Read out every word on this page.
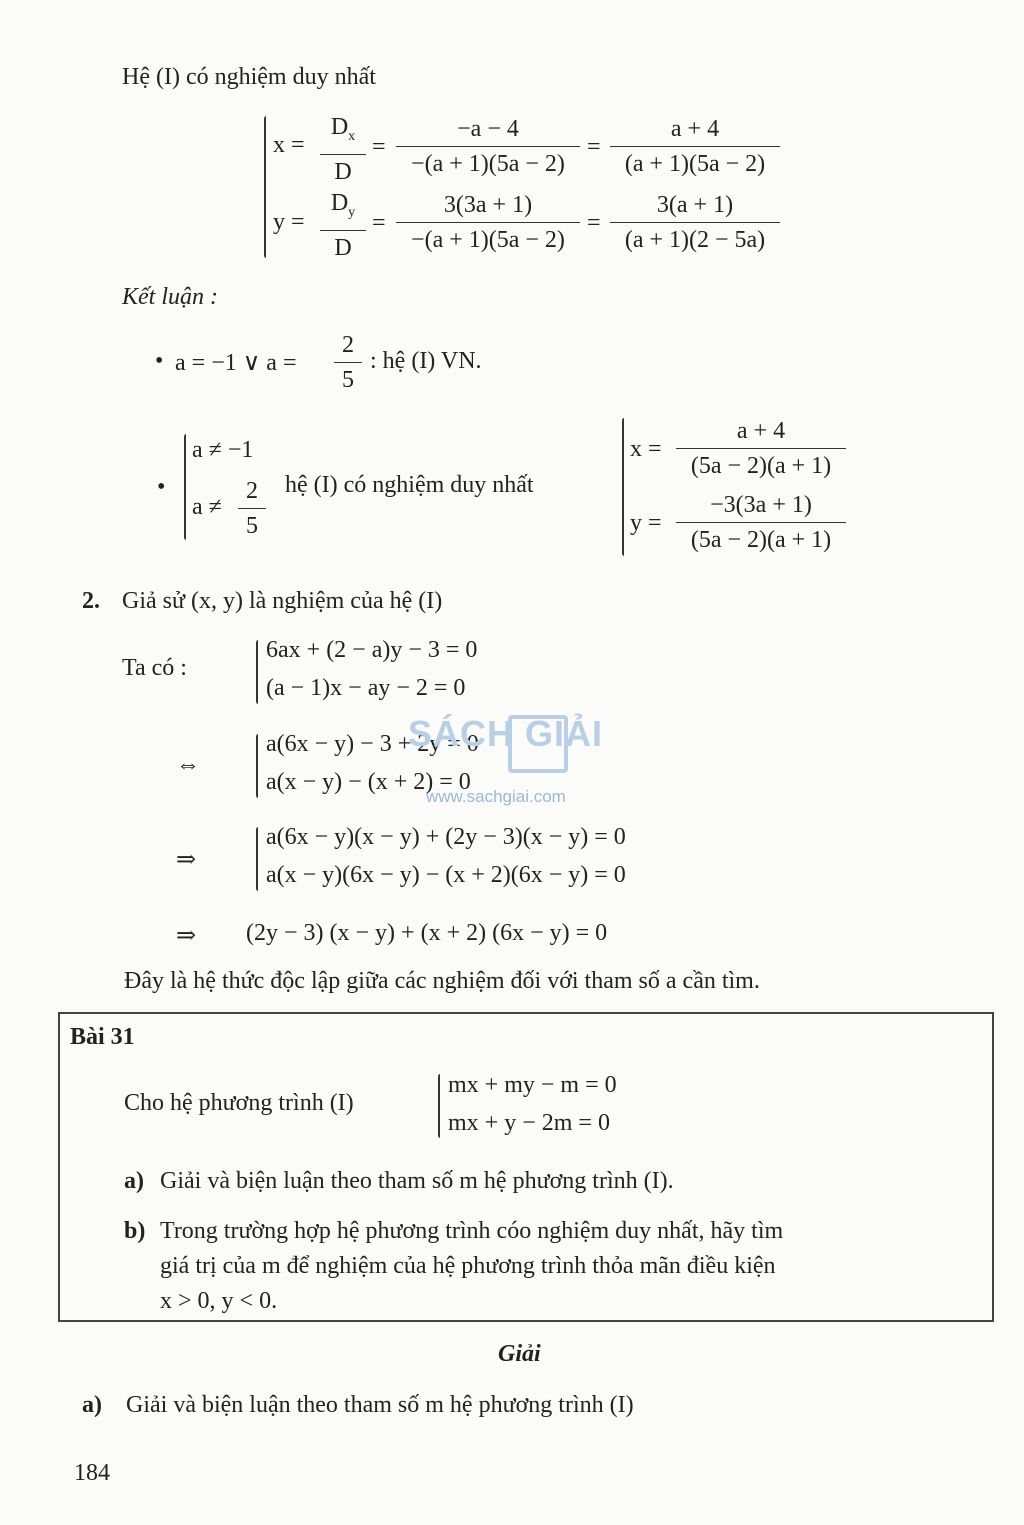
Hệ (I) có nghiệm duy nhất
x =
$D_x$
D
=
−a − 4
−(a + 1)(5a − 2)
=
a + 4
(a + 1)(5a − 2)
y =
$D_y$
D
=
3(3a + 1)
−(a + 1)(5a − 2)
=
3(a + 1)
(a + 1)(2 − 5a)
Kết luận :
• a = −1 ∨ a =
2
5
: hệ (I) VN.
•
a ≠ −1
a ≠
2
5
hệ (I) có nghiệm duy nhất
x =
a + 4
(5a − 2)(a + 1)
y =
−3(3a + 1)
(5a − 2)(a + 1)
2. Giả sử (x, y) là nghiệm của hệ (I)
Ta có :
6ax + (2 − a)y − 3 = 0
(a − 1)x − ay − 2 = 0
⇔
a(6x − y) − 3 + 2y = 0
a(x − y) − (x + 2) = 0
⇒
a(6x − y)(x − y) + (2y − 3)(x − y) = 0
a(x − y)(6x − y) − (x + 2)(6x − y) = 0
⇒ (2y − 3) (x − y) + (x + 2) (6x − y) = 0
Đây là hệ thức độc lập giữa các nghiệm đối với tham số a cần tìm.
Bài 31
Cho hệ phương trình (I)
mx + my − m = 0
mx + y − 2m = 0
a) Giải và biện luận theo tham số m hệ phương trình (I).
b) Trong trường hợp hệ phương trình cóo nghiệm duy nhất, hãy tìm
giá trị của m để nghiệm của hệ phương trình thỏa mãn điều kiện
x > 0, y < 0.
Giải
a) Giải và biện luận theo tham số m hệ phương trình (I)
184
SÁCH GIẢI
www.sachgiai.com
